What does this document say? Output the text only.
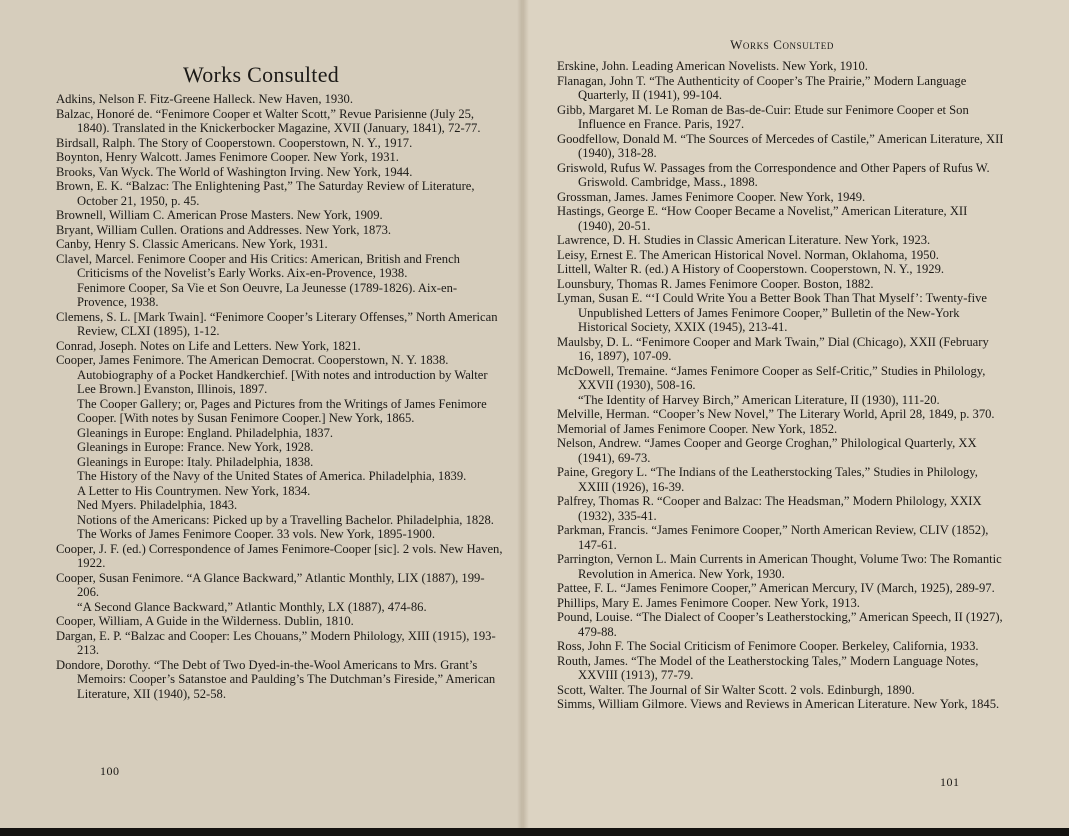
Works Consulted
Adkins, Nelson F. Fitz-Greene Halleck. New Haven, 1930.
Balzac, Honoré de. “Fenimore Cooper et Walter Scott,” Revue Parisienne (July 25, 1840). Translated in the Knickerbocker Magazine, XVII (January, 1841), 72-77.
Birdsall, Ralph. The Story of Cooperstown. Cooperstown, N. Y., 1917.
Boynton, Henry Walcott. James Fenimore Cooper. New York, 1931.
Brooks, Van Wyck. The World of Washington Irving. New York, 1944.
Brown, E. K. “Balzac: The Enlightening Past,” The Saturday Review of Literature, October 21, 1950, p. 45.
Brownell, William C. American Prose Masters. New York, 1909.
Bryant, William Cullen. Orations and Addresses. New York, 1873.
Canby, Henry S. Classic Americans. New York, 1931.
Clavel, Marcel. Fenimore Cooper and His Critics: American, British and French Criticisms of the Novelist’s Early Works. Aix-en-Provence, 1938.
Fenimore Cooper, Sa Vie et Son Oeuvre, La Jeunesse (1789-1826). Aix-en-Provence, 1938.
Clemens, S. L. [Mark Twain]. “Fenimore Cooper’s Literary Offenses,” North American Review, CLXI (1895), 1-12.
Conrad, Joseph. Notes on Life and Letters. New York, 1821.
Cooper, James Fenimore. The American Democrat. Cooperstown, N. Y. 1838.
Autobiography of a Pocket Handkerchief. [With notes and introduction by Walter Lee Brown.] Evanston, Illinois, 1897.
The Cooper Gallery; or, Pages and Pictures from the Writings of James Fenimore Cooper. [With notes by Susan Fenimore Cooper.] New York, 1865.
Gleanings in Europe: England. Philadelphia, 1837.
Gleanings in Europe: France. New York, 1928.
Gleanings in Europe: Italy. Philadelphia, 1838.
The History of the Navy of the United States of America. Philadelphia, 1839.
A Letter to His Countrymen. New York, 1834.
Ned Myers. Philadelphia, 1843.
Notions of the Americans: Picked up by a Travelling Bachelor. Philadelphia, 1828.
The Works of James Fenimore Cooper. 33 vols. New York, 1895-1900.
Cooper, J. F. (ed.) Correspondence of James Fenimore-Cooper [sic]. 2 vols. New Haven, 1922.
Cooper, Susan Fenimore. “A Glance Backward,” Atlantic Monthly, LIX (1887), 199-206.
“A Second Glance Backward,” Atlantic Monthly, LX (1887), 474-86.
Cooper, William, A Guide in the Wilderness. Dublin, 1810.
Dargan, E. P. “Balzac and Cooper: Les Chouans,” Modern Philology, XIII (1915), 193-213.
Dondore, Dorothy. “The Debt of Two Dyed-in-the-Wool Americans to Mrs. Grant’s Memoirs: Cooper’s Satanstoe and Paulding’s The Dutchman’s Fireside,” American Literature, XII (1940), 52-58.
100
Erskine, John. Leading American Novelists. New York, 1910.
Flanagan, John T. “The Authenticity of Cooper’s The Prairie,” Modern Language Quarterly, II (1941), 99-104.
Gibb, Margaret M. Le Roman de Bas-de-Cuir: Etude sur Fenimore Cooper et Son Influence en France. Paris, 1927.
Goodfellow, Donald M. “The Sources of Mercedes of Castile,” American Literature, XII (1940), 318-28.
Griswold, Rufus W. Passages from the Correspondence and Other Papers of Rufus W. Griswold. Cambridge, Mass., 1898.
Grossman, James. James Fenimore Cooper. New York, 1949.
Hastings, George E. “How Cooper Became a Novelist,” American Literature, XII (1940), 20-51.
Lawrence, D. H. Studies in Classic American Literature. New York, 1923.
Leisy, Ernest E. The American Historical Novel. Norman, Oklahoma, 1950.
Littell, Walter R. (ed.) A History of Cooperstown. Cooperstown, N. Y., 1929.
Lounsbury, Thomas R. James Fenimore Cooper. Boston, 1882.
Lyman, Susan E. “‘I Could Write You a Better Book Than That Myself’: Twenty-five Unpublished Letters of James Fenimore Cooper,” Bulletin of the New-York Historical Society, XXIX (1945), 213-41.
Maulsby, D. L. “Fenimore Cooper and Mark Twain,” Dial (Chicago), XXII (February 16, 1897), 107-09.
McDowell, Tremaine. “James Fenimore Cooper as Self-Critic,” Studies in Philology, XXVII (1930), 508-16.
“The Identity of Harvey Birch,” American Literature, II (1930), 111-20.
Melville, Herman. “Cooper’s New Novel,” The Literary World, April 28, 1849, p. 370.
Memorial of James Fenimore Cooper. New York, 1852.
Nelson, Andrew. “James Cooper and George Croghan,” Philological Quarterly, XX (1941), 69-73.
Paine, Gregory L. “The Indians of the Leatherstocking Tales,” Studies in Philology, XXIII (1926), 16-39.
Palfrey, Thomas R. “Cooper and Balzac: The Headsman,” Modern Philology, XXIX (1932), 335-41.
Parkman, Francis. “James Fenimore Cooper,” North American Review, CLIV (1852), 147-61.
Parrington, Vernon L. Main Currents in American Thought, Volume Two: The Romantic Revolution in America. New York, 1930.
Pattee, F. L. “James Fenimore Cooper,” American Mercury, IV (March, 1925), 289-97.
Phillips, Mary E. James Fenimore Cooper. New York, 1913.
Pound, Louise. “The Dialect of Cooper’s Leatherstocking,” American Speech, II (1927), 479-88.
Ross, John F. The Social Criticism of Fenimore Cooper. Berkeley, California, 1933.
Routh, James. “The Model of the Leatherstocking Tales,” Modern Language Notes, XXVIII (1913), 77-79.
Scott, Walter. The Journal of Sir Walter Scott. 2 vols. Edinburgh, 1890.
Simms, William Gilmore. Views and Reviews in American Literature. New York, 1845.
101
Works Consulted
